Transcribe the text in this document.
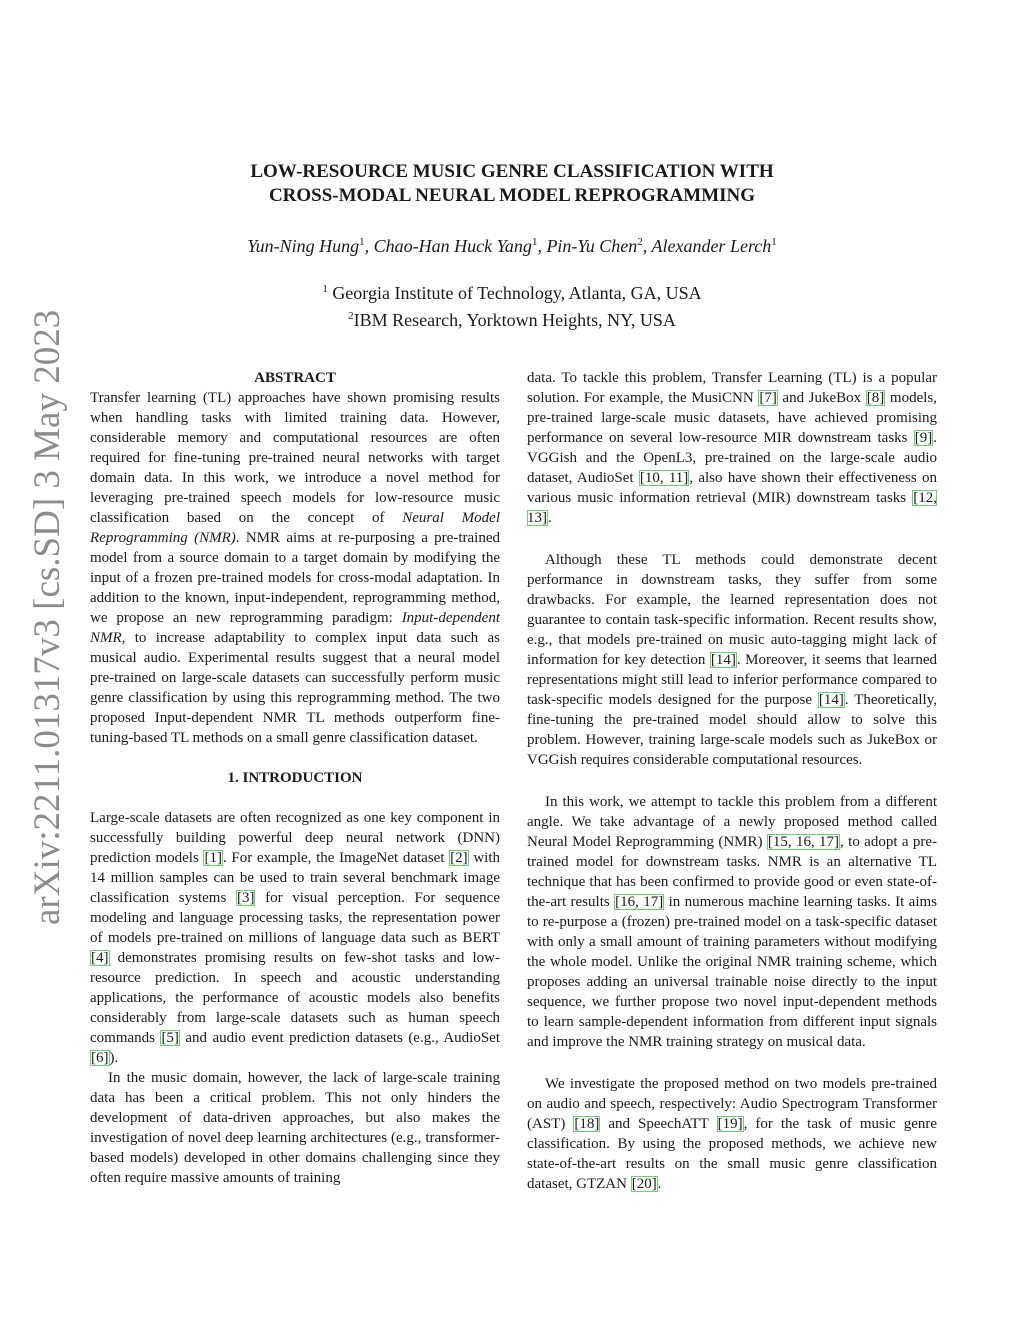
LOW-RESOURCE MUSIC GENRE CLASSIFICATION WITH
CROSS-MODAL NEURAL MODEL REPROGRAMMING
Yun-Ning Hung$^1$, Chao-Han Huck Yang$^1$, Pin-Yu Chen$^2$, Alexander Lerch$^1$
$^1$ Georgia Institute of Technology, Atlanta, GA, USA
$^2$IBM Research, Yorktown Heights, NY, USA
arXiv:2211.01317v3 [cs.SD] 3 May 2023	ABSTRACT

Transfer learning (TL) approaches have shown promising results when handling tasks with limited training data. However, considerable memory and computational resources are often required for fine-tuning pre-trained neural networks with target domain data. In this work, we introduce a novel method for leveraging pre-trained speech models for low-resource music classification based on the concept of Neural Model Reprogramming (NMR). NMR aims at re-purposing a pre-trained model from a source domain to a target domain by modifying the input of a frozen pre-trained models for cross-modal adaptation. In addition to the known, input-independent, reprogramming method, we propose an new reprogramming paradigm: Input-dependent NMR, to increase adaptability to complex input data such as musical audio. Experimental results suggest that a neural model pre-trained on large-scale datasets can successfully perform music genre classification by using this reprogramming method. The two proposed Input-dependent NMR TL methods outperform fine-tuning-based TL methods on a small genre classification dataset.

1. INTRODUCTION

Large-scale datasets are often recognized as one key component in successfully building powerful deep neural network (DNN) prediction models [1]. For example, the ImageNet dataset [2] with 14 million samples can be used to train several benchmark image classification systems [3] for visual perception. For sequence modeling and language processing tasks, the representation power of models pre-trained on millions of language data such as BERT [4] demonstrates promising results on few-shot tasks and low-resource prediction. In speech and acoustic understanding applications, the performance of acoustic models also benefits considerably from large-scale datasets such as human speech commands [5] and audio event prediction datasets (e.g., AudioSet [6]).

In the music domain, however, the lack of large-scale training data has been a critical problem. This not only hinders the development of data-driven approaches, but also makes the investigation of novel deep learning architectures (e.g., transformer-based models) developed in other domains challenging since they often require massive amounts of training

data. To tackle this problem, Transfer Learning (TL) is a popular solution. For example, the MusiCNN [7] and JukeBox [8] models, pre-trained large-scale music datasets, have achieved promising performance on several low-resource MIR downstream tasks [9]. VGGish and the OpenL3, pre-trained on the large-scale audio dataset, AudioSet [10, 11], also have shown their effectiveness on various music information retrieval (MIR) downstream tasks [12, 13].

Although these TL methods could demonstrate decent performance in downstream tasks, they suffer from some drawbacks. For example, the learned representation does not guarantee to contain task-specific information. Recent results show, e.g., that models pre-trained on music auto-tagging might lack of information for key detection [14]. Moreover, it seems that learned representations might still lead to inferior performance compared to task-specific models designed for the purpose [14]. Theoretically, fine-tuning the pre-trained model should allow to solve this problem. However, training large-scale models such as JukeBox or VGGish requires considerable computational resources.

In this work, we attempt to tackle this problem from a different angle. We take advantage of a newly proposed method called Neural Model Reprogramming (NMR) [15, 16, 17], to adopt a pre-trained model for downstream tasks. NMR is an alternative TL technique that has been confirmed to provide good or even state-of-the-art results [16, 17] in numerous machine learning tasks. It aims to re-purpose a (frozen) pre-trained model on a task-specific dataset with only a small amount of training parameters without modifying the whole model. Unlike the original NMR training scheme, which proposes adding an universal trainable noise directly to the input sequence, we further propose two novel input-dependent methods to learn sample-dependent information from different input signals and improve the NMR training strategy on musical data.

We investigate the proposed method on two models pre-trained on audio and speech, respectively: Audio Spectrogram Transformer (AST) [18] and SpeechATT [19], for the task of music genre classification. By using the proposed methods, we achieve new state-of-the-art results on the small music genre classification dataset, GTZAN [20].
